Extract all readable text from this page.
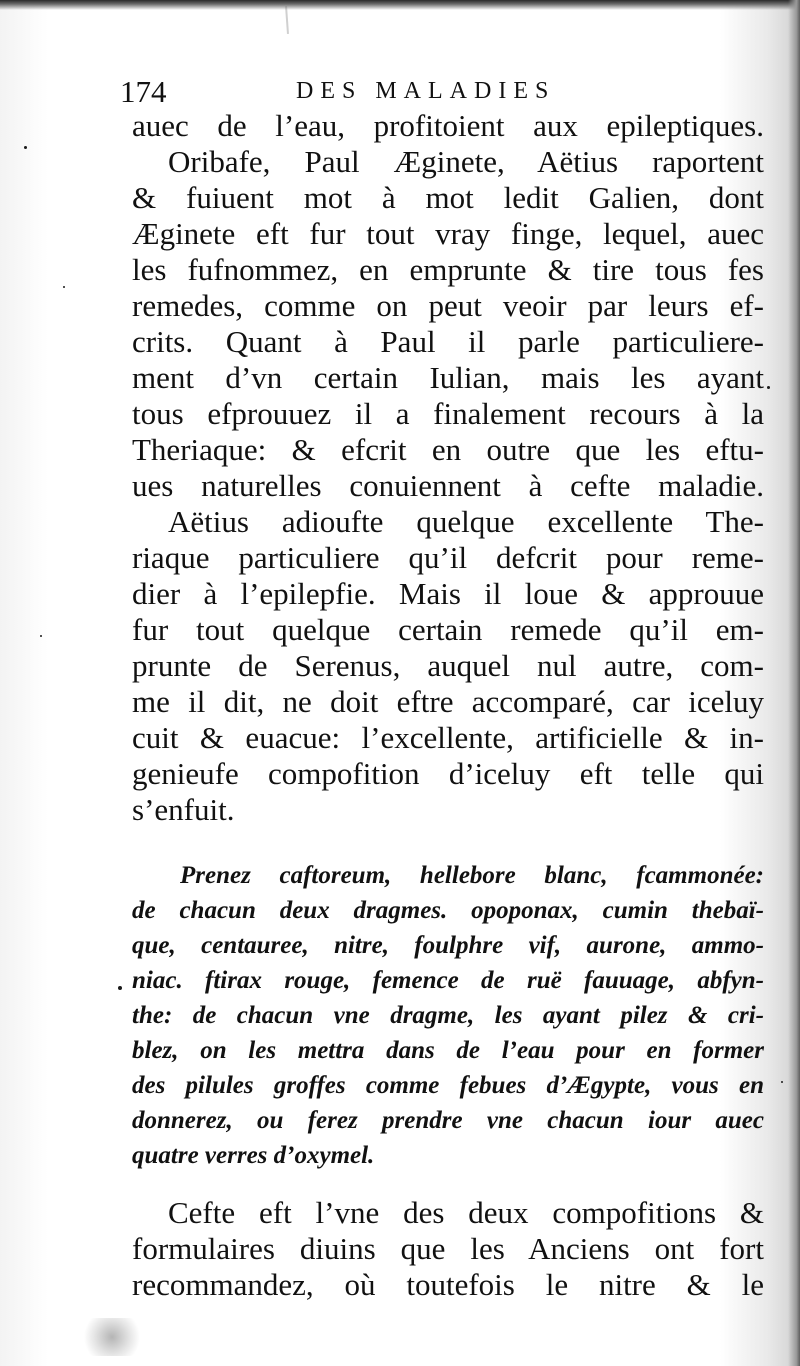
174	DES MALADIES
auec de l’eau, profitoient aux epileptiques.
Oribafe, Paul Æginete, Aëtius raportent
& fuiuent mot à mot ledit Galien, dont
Æginete eft fur tout vray finge, lequel, auec
les fufnommez, en emprunte & tire tous fes
remedes, comme on peut veoir par leurs ef-
crits. Quant à Paul il parle particuliere-
ment d’vn certain Iulian, mais les ayant
tous efprouuez il a finalement recours à la
Theriaque: & efcrit en outre que les eftu-
ues naturelles conuiennent à cefte maladie.
Aëtius adioufte quelque excellente The-
riaque particuliere qu’il defcrit pour reme-
dier à l’epilepfie. Mais il loue & approuue
fur tout quelque certain remede qu’il em-
prunte de Serenus, auquel nul autre, com-
me il dit, ne doit eftre accomparé, car iceluy
cuit & euacue: l’excellente, artificielle & in-
genieufe compofition d’iceluy eft telle qui
s’enfuit.
Prenez caftoreum, hellebore blanc, fcammonée:
de chacun deux dragmes. opoponax, cumin thebaï-
que, centauree, nitre, foulphre vif, aurone, ammo-
niac. ftirax rouge, femence de ruë fauuage, abfyn-
the: de chacun vne dragme, les ayant pilez & cri-
blez, on les mettra dans de l’eau pour en former
des pilules groffes comme febues d’Ægypte, vous en
donnerez, ou ferez prendre vne chacun iour auec
quatre verres d’oxymel.
Cefte eft l’vne des deux compofitions &
formulaires diuins que les Anciens ont fort
recommandez, où toutefois le nitre & le
